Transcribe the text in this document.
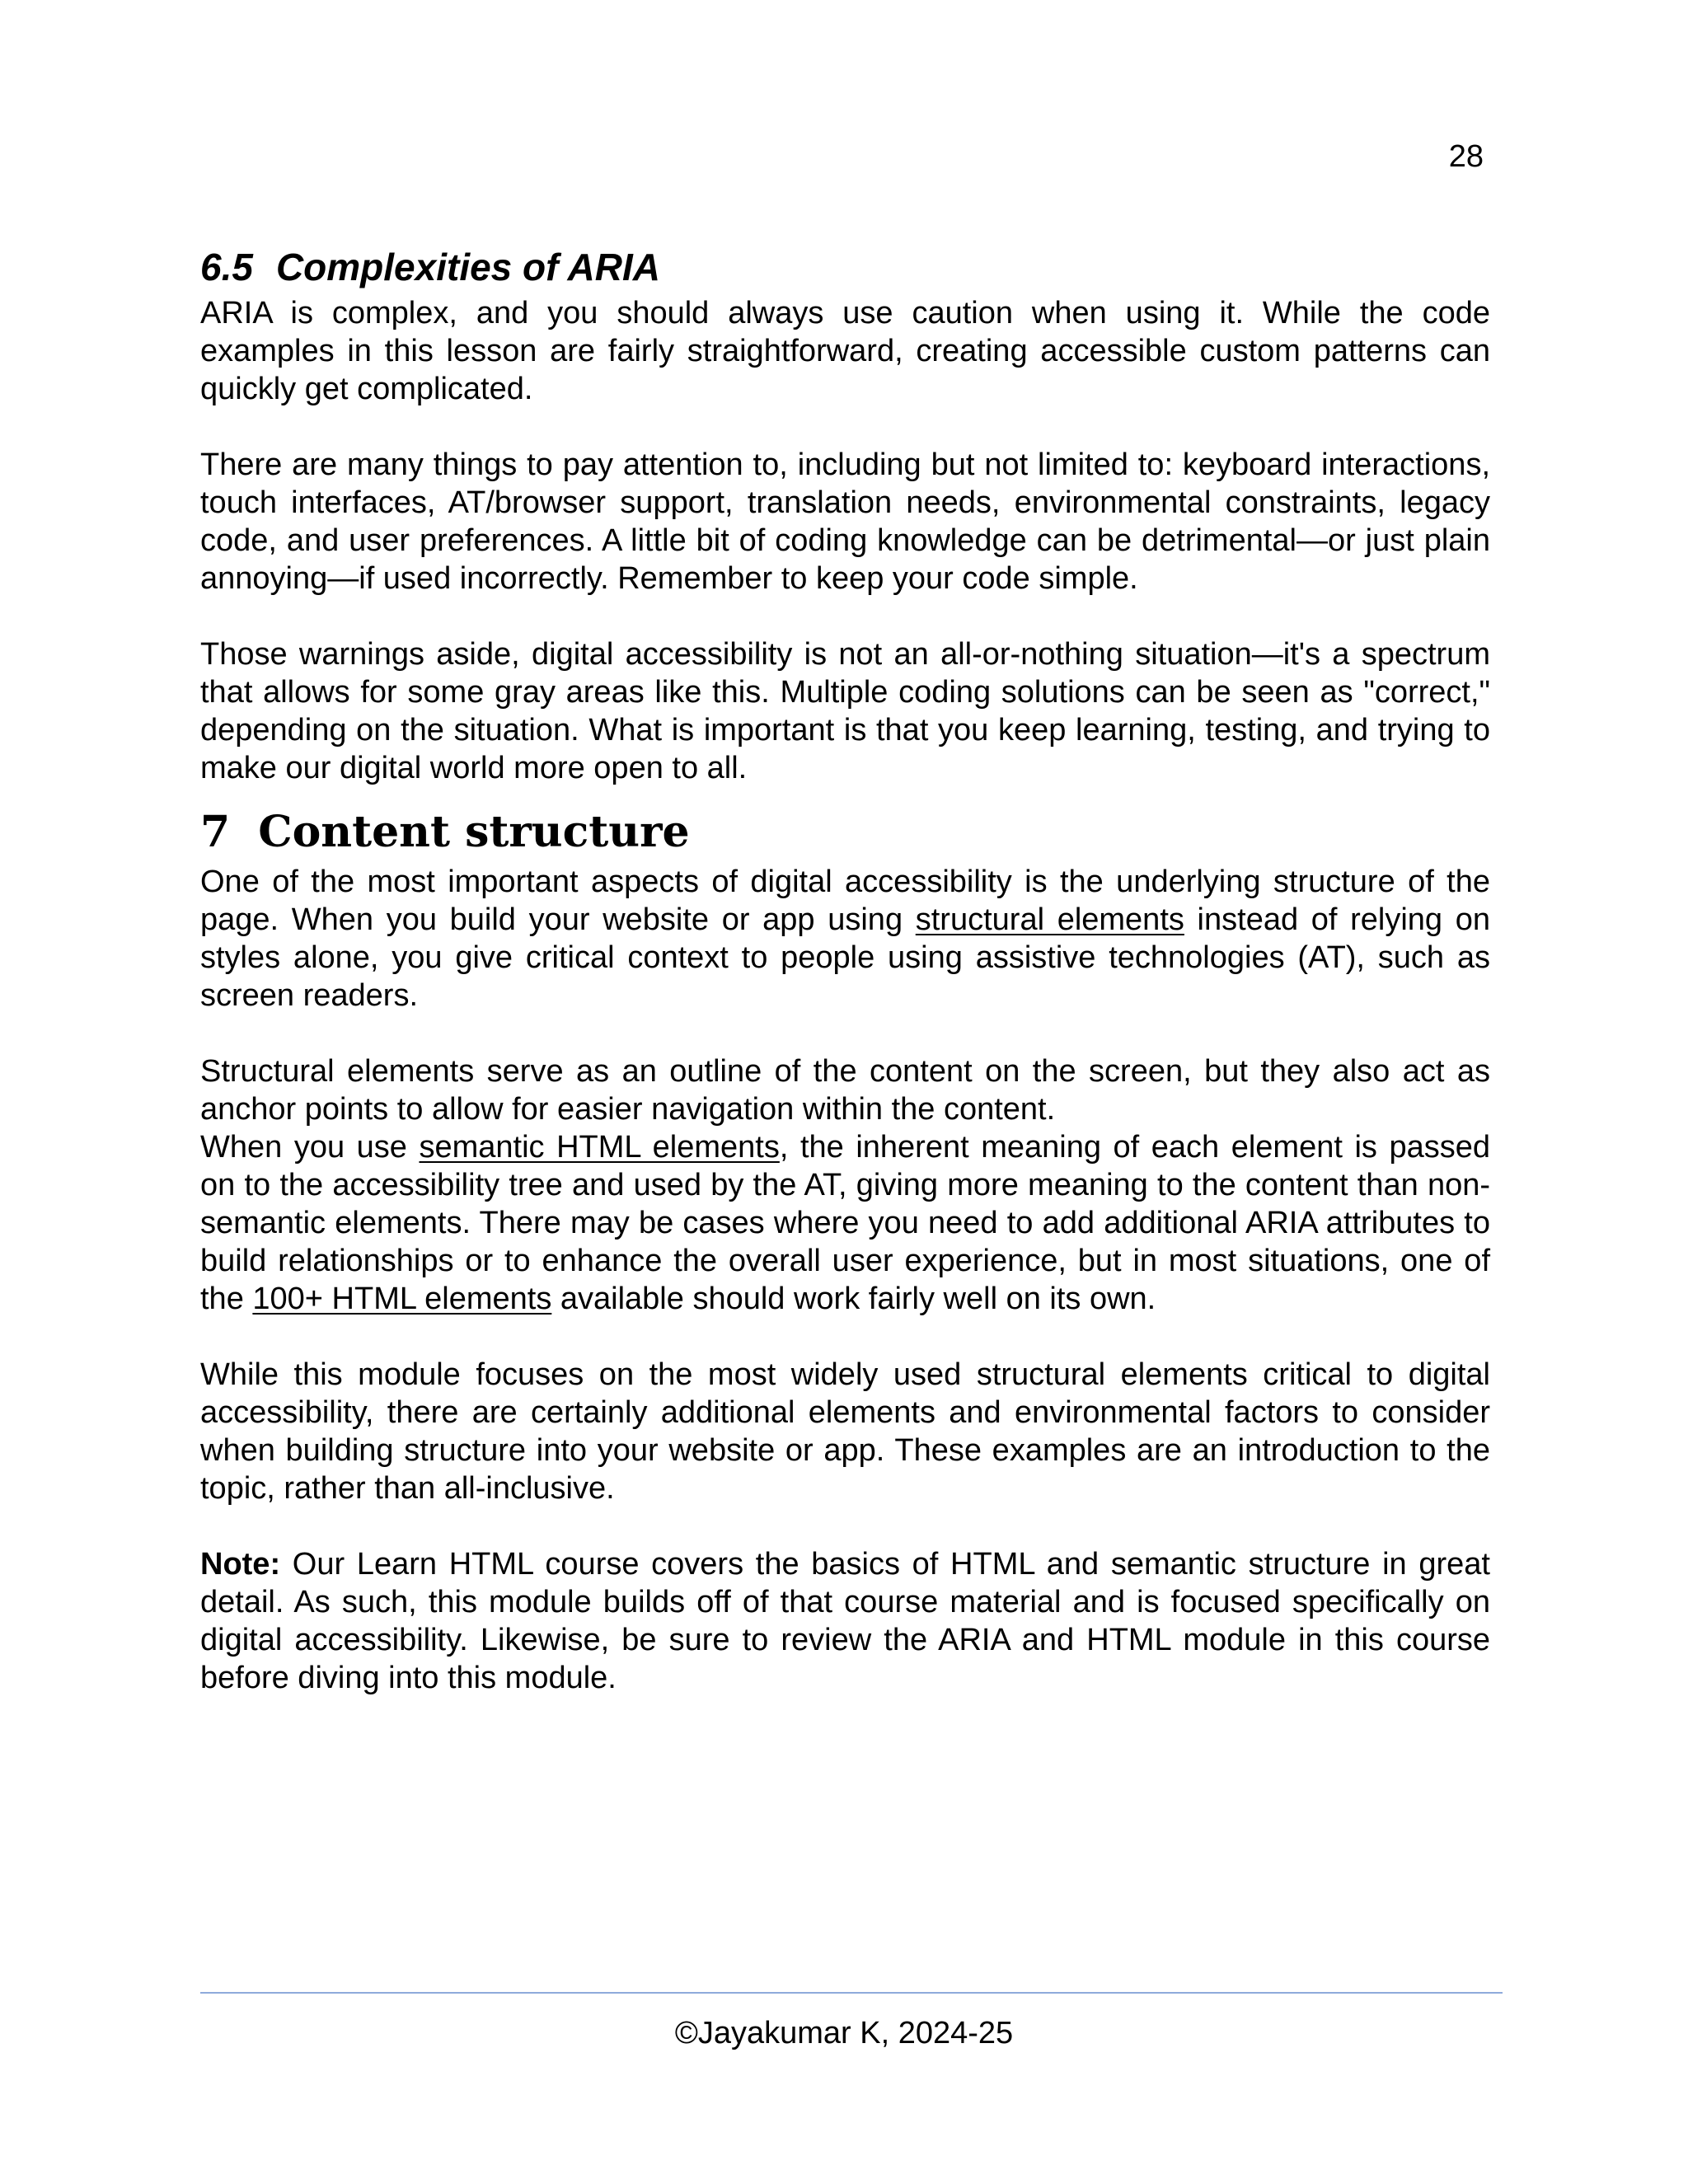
28
6.5 Complexities of ARIA

ARIA is complex, and you should always use caution when using it. While the code examples in this lesson are fairly straightforward, creating accessible custom patterns can quickly get complicated.

There are many things to pay attention to, including but not limited to: keyboard interactions, touch interfaces, AT/browser support, translation needs, environmental constraints, legacy code, and user preferences. A little bit of coding knowledge can be detrimental—or just plain annoying—if used incorrectly. Remember to keep your code simple.

Those warnings aside, digital accessibility is not an all-or-nothing situation—it's a spectrum that allows for some gray areas like this. Multiple coding solutions can be seen as "correct," depending on the situation. What is important is that you keep learning, testing, and trying to make our digital world more open to all.

7 Content structure

One of the most important aspects of digital accessibility is the underlying structure of the page. When you build your website or app using structural elements instead of relying on styles alone, you give critical context to people using assistive technologies (AT), such as screen readers.

Structural elements serve as an outline of the content on the screen, but they also act as anchor points to allow for easier navigation within the content.

When you use semantic HTML elements, the inherent meaning of each element is passed on to the accessibility tree and used by the AT, giving more meaning to the content than non-semantic elements. There may be cases where you need to add additional ARIA attributes to build relationships or to enhance the overall user experience, but in most situations, one of the 100+ HTML elements available should work fairly well on its own.

While this module focuses on the most widely used structural elements critical to digital accessibility, there are certainly additional elements and environmental factors to consider when building structure into your website or app. These examples are an introduction to the topic, rather than all-inclusive.

Note: Our Learn HTML course covers the basics of HTML and semantic structure in great detail. As such, this module builds off of that course material and is focused specifically on digital accessibility. Likewise, be sure to review the ARIA and HTML module in this course before diving into this module.

©Jayakumar K, 2024-25
